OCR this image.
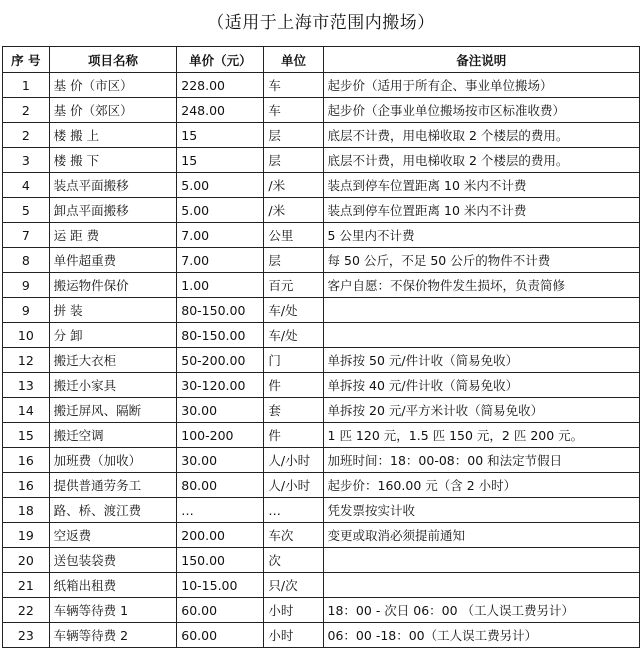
（适用于上海市范围内搬场）
序 号	项目名称	单价（元）	单位	备注说明
1	基 价（市区）	228.00	车	起步价（适用于所有企、事业单位搬场）
2	基 价（郊区）	248.00	车	起步价（企事业单位搬场按市区标准收费）
2	楼 搬 上	15	层	底层不计费，用电梯收取 2 个楼层的费用。
3	楼 搬 下	15	层	底层不计费，用电梯收取 2 个楼层的费用。
4	装点平面搬移	5.00	/米	装点到停车位置距离 10 米内不计费
5	卸点平面搬移	5.00	/米	装点到停车位置距离 10 米内不计费
7	运 距 费	7.00	公里	5 公里内不计费
8	单件超重费	7.00	层	每 50 公斤，不足 50 公斤的物件不计费
9	搬运物件保价	1.00	百元	客户自愿：不保价物件发生损坏，负责简修
9	拼 装	80-150.00	车/处	
10	分 卸	80-150.00	车/处	
12	搬迁大衣柜	50-200.00	门	单拆按 50 元/件计收（简易免收）
13	搬迁小家具	30-120.00	件	单拆按 40 元/件计收（简易免收）
14	搬迁屏风、隔断	30.00	套	单拆按 20 元/平方米计收（简易免收）
15	搬迁空调	100-200	件	1 匹 120 元，1.5 匹 150 元，2 匹 200 元。
16	加班费（加收）	30.00	人/小时	加班时间：18：00-08：00 和法定节假日
16	提供普通劳务工	80.00	人/小时	起步价：160.00 元（含 2 小时）
18	路、桥、渡江费	…	…	凭发票按实计收
19	空返费	200.00	车次	变更或取消必须提前通知
20	送包装袋费	150.00	次	
21	纸箱出租费	10-15.00	只/次	
22	车辆等待费 1	60.00	小时	18：00 - 次日 06：00 （工人误工费另计）
23	车辆等待费 2	60.00	小时	06：00 -18：00（工人误工费另计）
